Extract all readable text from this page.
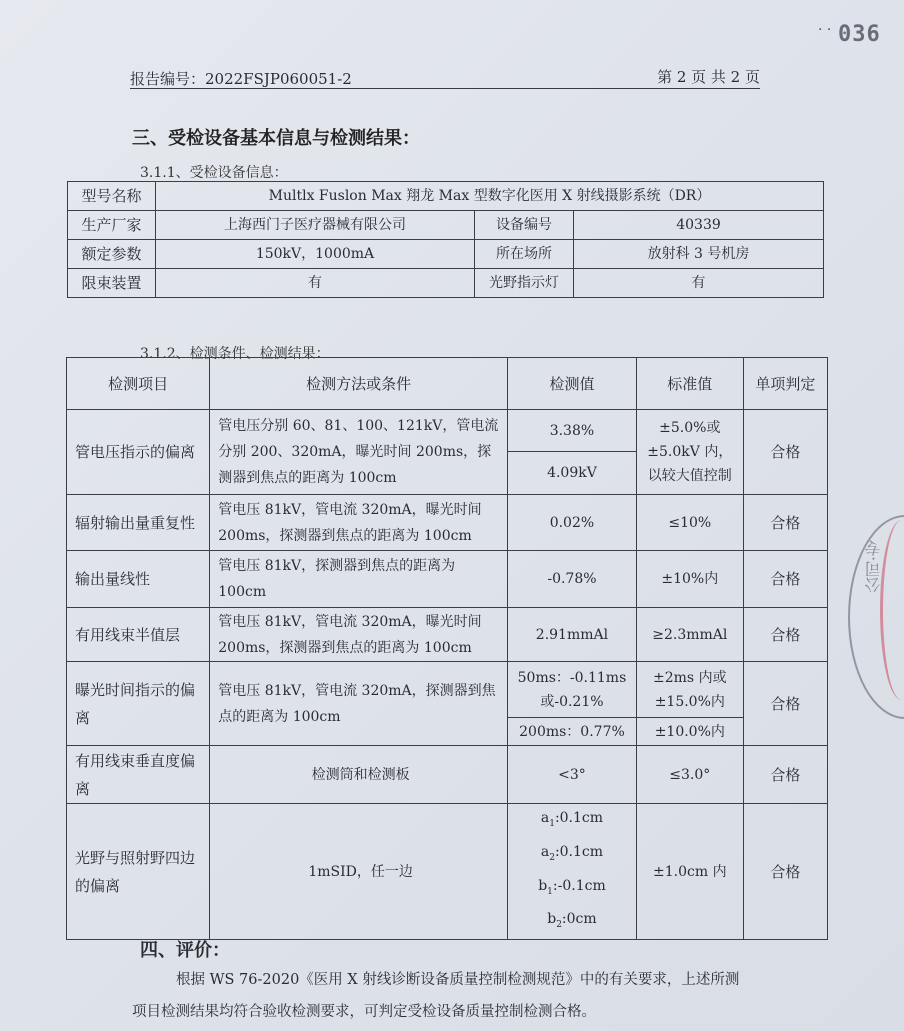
· · 036
报告编号：2022FSJP060051-2	第 2 页 共 2 页
三、受检设备基本信息与检测结果：
3.1.1、受检设备信息：
型号名称	Multlx Fuslon Max 翔龙 Max 型数字化医用 X 射线摄影系统（DR）		
生产厂家	上海西门子医疗器械有限公司	设备编号	40339
额定参数	150kV，1000mA	所在场所	放射科 3 号机房
限束装置	有	光野指示灯	有
3.1.2、检测条件、检测结果：
检测项目	检测方法或条件	检测值	标准值	单项判定
管电压指示的偏离	管电压分别 60、81、100、121kV，管电流分别 200、320mA，曝光时间 200ms，探测器到焦点的距离为 100cm	3.38%	±5.0%或±5.0kV 内，以较大值控制	合格
		4.09kV		
辐射输出量重复性	管电压 81kV，管电流 320mA，曝光时间 200ms，探测器到焦点的距离为 100cm	0.02%	≤10%	合格
输出量线性	管电压 81kV，探测器到焦点的距离为 100cm	-0.78%	±10%内	合格
有用线束半值层	管电压 81kV，管电流 320mA，曝光时间 200ms，探测器到焦点的距离为 100cm	2.91mmAl	≥2.3mmAl	合格
曝光时间指示的偏离	管电压 81kV，管电流 320mA，探测器到焦点的距离为 100cm	50ms：-0.11ms 或-0.21%	±2ms 内或±15.0%内	合格
		200ms：0.77%	±10.0%内	
有用线束垂直度偏离	检测筒和检测板	<3°	≤3.0°	合格
光野与照射野四边的偏离	1mSID，任一边	$a_1:0.1cm$
$a_2:0.1cm$
$b_1:-0.1cm$
$b_2:0cm$	±1.0cm 内	合格
四、评价：
根据 WS 76-2020《医用 X 射线诊断设备质量控制检测规范》中的有关要求，上述所测
项目检测结果均符合验收检测要求，可判定受检设备质量控制检测合格。
公司·专
